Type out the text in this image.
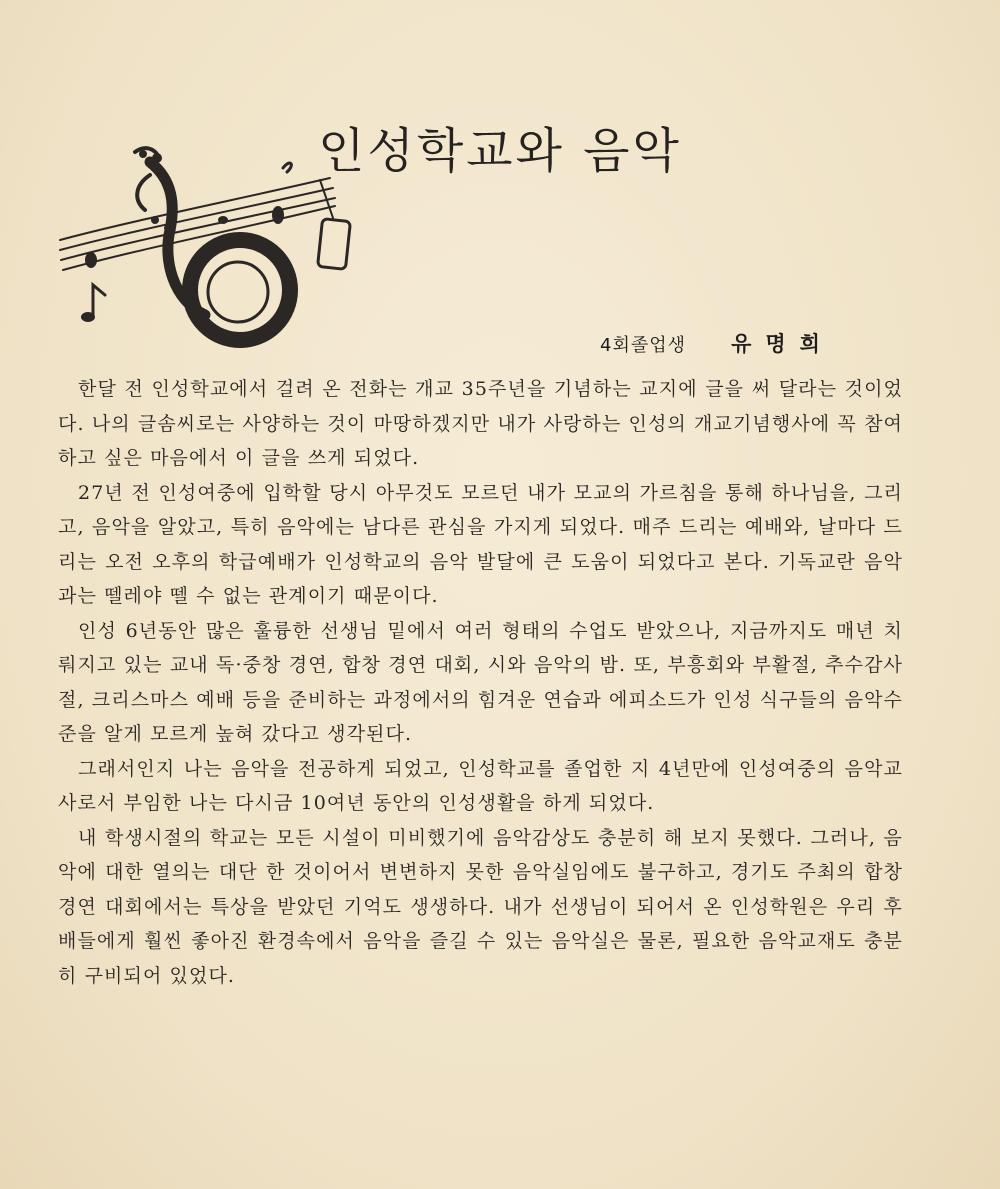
인성학교와 음악
4회졸업생 유명희

한달 전 인성학교에서 걸려 온 전화는 개교 35주년을 기념하는 교지에 글을 써 달라는 것이었다. 나의 글솜씨로는 사양하는 것이 마땅하겠지만 내가 사랑하는 인성의 개교기념행사에 꼭 참여 하고 싶은 마음에서 이 글을 쓰게 되었다.

27년 전 인성여중에 입학할 당시 아무것도 모르던 내가 모교의 가르침을 통해 하나님을, 그리고, 음악을 알았고, 특히 음악에는 남다른 관심을 가지게 되었다. 매주 드리는 예배와, 날마다 드리는 오전 오후의 학급예배가 인성학교의 음악 발달에 큰 도움이 되었다고 본다. 기독교란 음악과는 뗄레야 뗄 수 없는 관계이기 때문이다.

인성 6년동안 많은 훌륭한 선생님 밑에서 여러 형태의 수업도 받았으나, 지금까지도 매년 치뤄지고 있는 교내 독·중창 경연, 합창 경연 대회, 시와 음악의 밤. 또, 부흥회와 부활절, 추수감사절, 크리스마스 예배 등을 준비하는 과정에서의 힘겨운 연습과 에피소드가 인성 식구들의 음악수준을 알게 모르게 높혀 갔다고 생각된다.

그래서인지 나는 음악을 전공하게 되었고, 인성학교를 졸업한 지 4년만에 인성여중의 음악교사로서 부임한 나는 다시금 10여년 동안의 인성생활을 하게 되었다.

내 학생시절의 학교는 모든 시설이 미비했기에 음악감상도 충분히 해 보지 못했다. 그러나, 음악에 대한 열의는 대단 한 것이어서 변변하지 못한 음악실임에도 불구하고, 경기도 주최의 합창 경연 대회에서는 특상을 받았던 기억도 생생하다. 내가 선생님이 되어서 온 인성학원은 우리 후배들에게 훨씬 좋아진 환경속에서 음악을 즐길 수 있는 음악실은 물론, 필요한 음악교재도 충분히 구비되어 있었다.
